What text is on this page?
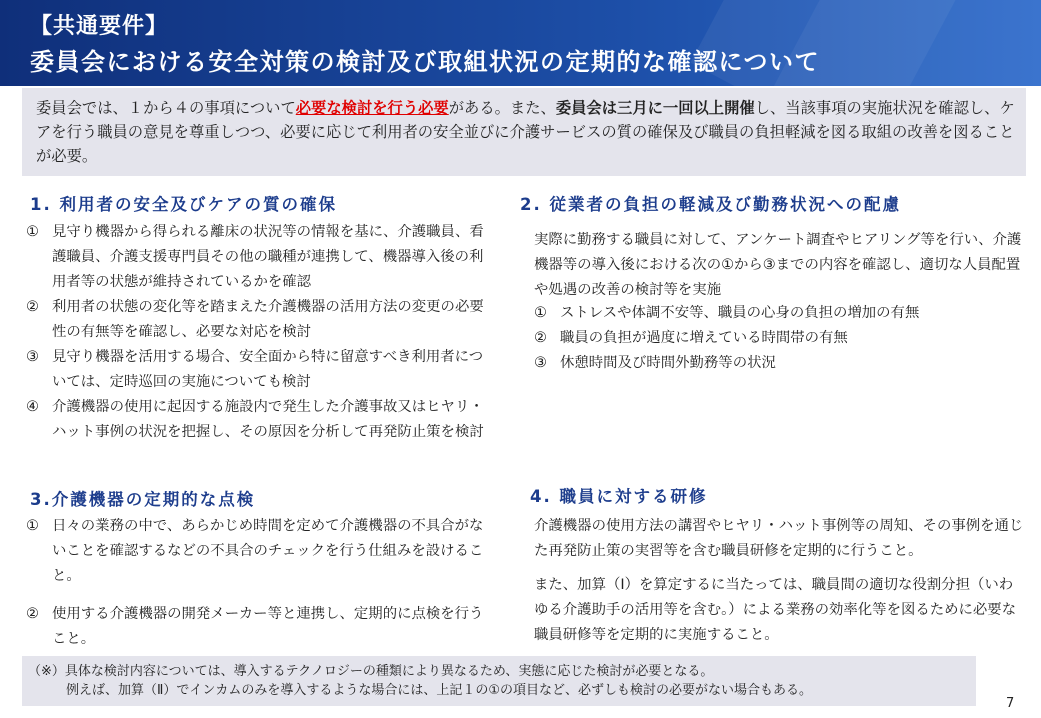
【共通要件】
委員会における安全対策の検討及び取組状況の定期的な確認について

委員会では、１から４の事項について必要な検討を行う必要がある。また、委員会は三月に一回以上開催し、当該事項の実施状況を確認し、ケアを行う職員の意見を尊重しつつ、必要に応じて利用者の安全並びに介護サービスの質の確保及び職員の負担軽減を図る取組の改善を図ることが必要。

1. 利用者の安全及びケアの質の確保
① 見守り機器から得られる離床の状況等の情報を基に、介護職員、看護職員、介護支援専門員その他の職種が連携して、機器導入後の利用者等の状態が維持されているかを確認
② 利用者の状態の変化等を踏まえた介護機器の活用方法の変更の必要性の有無等を確認し、必要な対応を検討
③ 見守り機器を活用する場合、安全面から特に留意すべき利用者については、定時巡回の実施についても検討
④ 介護機器の使用に起因する施設内で発生した介護事故又はヒヤリ・ハット事例の状況を把握し、その原因を分析して再発防止策を検討
2. 従業者の負担の軽減及び勤務状況への配慮

実際に勤務する職員に対して、アンケート調査やヒアリング等を行い、介護機器等の導入後における次の①から③までの内容を確認し、適切な人員配置や処遇の改善の検討等を実施

① ストレスや体調不安等、職員の心身の負担の増加の有無
② 職員の負担が過度に増えている時間帯の有無
③ 休憩時間及び時間外勤務等の状況
3.介護機器の定期的な点検
① 日々の業務の中で、あらかじめ時間を定めて介護機器の不具合がないことを確認するなどの不具合のチェックを行う仕組みを設けること。
② 使用する介護機器の開発メーカー等と連携し、定期的に点検を行うこと。
4. 職員に対する研修

介護機器の使用方法の講習やヒヤリ・ハット事例等の周知、その事例を通じた再発防止策の実習等を含む職員研修を定期的に行うこと。

また、加算（Ⅰ）を算定するに当たっては、職員間の適切な役割分担（いわゆる介護助手の活用等を含む。）による業務の効率化等を図るために必要な職員研修等を定期的に実施すること。

（※）具体な検討内容については、導入するテクノロジーの種類により異なるため、実態に応じた検討が必要となる。
例えば、加算（Ⅱ）でインカムのみを導入するような場合には、上記１の①の項目など、必ずしも検討の必要がない場合もある。
7
